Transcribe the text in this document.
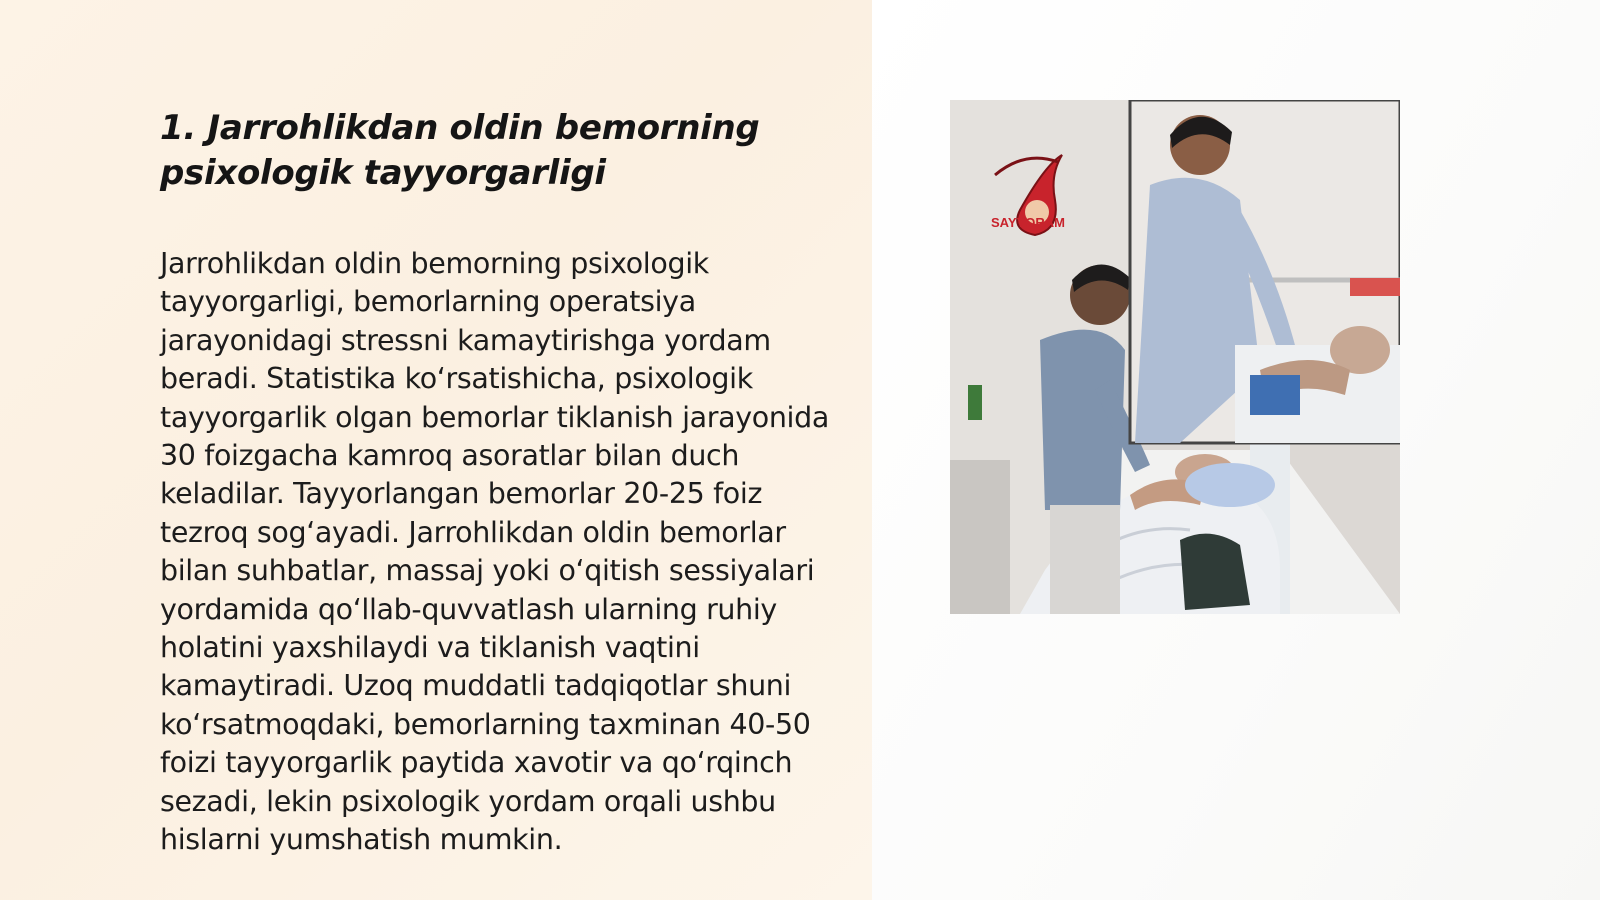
1. Jarrohlikdan oldin bemorning psixologik tayyorgarligi

Jarrohlikdan oldin bemorning psixologik tayyorgarligi, bemorlarning operatsiya jarayonidagi stressni kamaytirishga yordam beradi. Statistika ko‘rsatishicha, psixologik tayyorgarlik olgan bemorlar tiklanish jarayonida 30 foizgacha kamroq asoratlar bilan duch keladilar. Tayyorlangan bemorlar 20-25 foiz tezroq sog‘ayadi. Jarrohlikdan oldin bemorlar bilan suhbatlar, massaj yoki o‘qitish sessiyalari yordamida qo‘llab-quvvatlash ularning ruhiy holatini yaxshilaydi va tiklanish vaqtini kamaytiradi. Uzoq muddatli tadqiqotlar shuni ko‘rsatmoqdaki, bemorlarning taxminan 40-50 foizi tayyorgarlik paytida xavotir va qo‘rqinch sezadi, lekin psixologik yordam orqali ushbu hislarni yumshatish mumkin.

SAYYORAM
